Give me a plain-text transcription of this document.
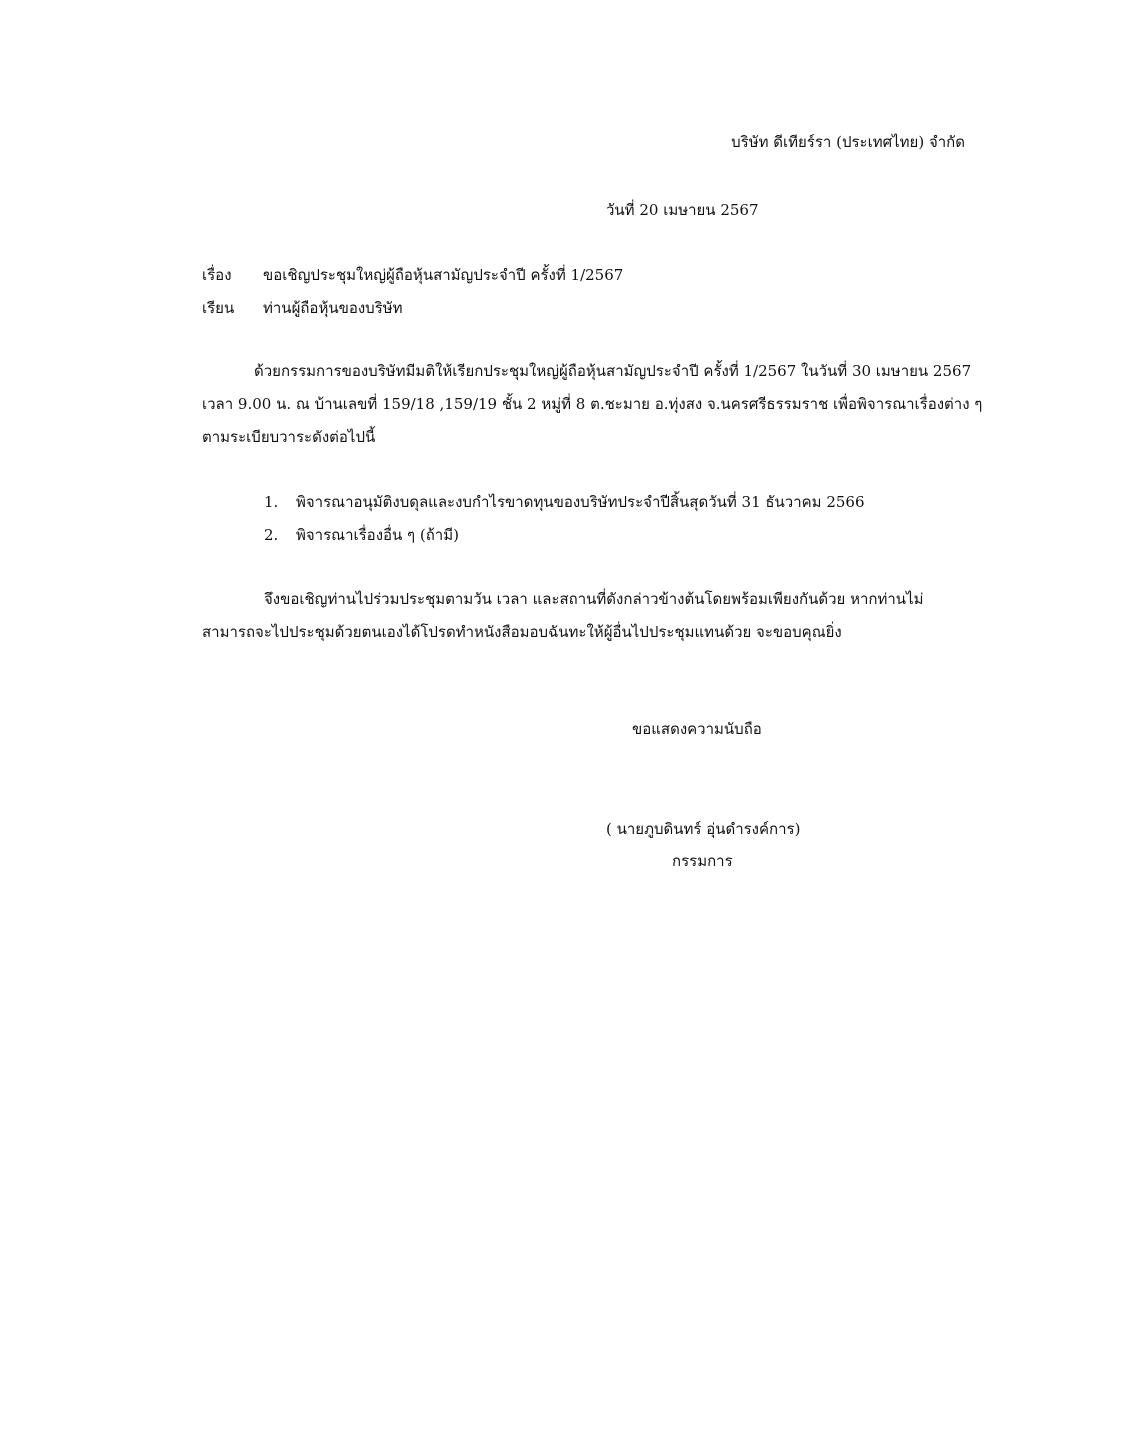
บริษัท ดีเทียร์รา (ประเทศไทย) จำกัด
วันที่ 20 เมษายน 2567
เรื่อง ขอเชิญประชุมใหญ่ผู้ถือหุ้นสามัญประจำปี ครั้งที่ 1/2567
เรียน ท่านผู้ถือหุ้นของบริษัท
ด้วยกรรมการของบริษัทมีมติให้เรียกประชุมใหญ่ผู้ถือหุ้นสามัญประจำปี ครั้งที่ 1/2567 ในวันที่ 30 เมษายน 2567
เวลา 9.00 น. ณ บ้านเลขที่ 159/18 ,159/19 ชั้น 2 หมู่ที่ 8 ต.ชะมาย อ.ทุ่งสง จ.นครศรีธรรมราช เพื่อพิจารณาเรื่องต่าง ๆ
ตามระเบียบวาระดังต่อไปนี้
1. พิจารณาอนุมัติงบดุลและงบกำไรขาดทุนของบริษัทประจำปีสิ้นสุดวันที่ 31 ธันวาคม 2566
2. พิจารณาเรื่องอื่น ๆ (ถ้ามี)
จึงขอเชิญท่านไปร่วมประชุมตามวัน เวลา และสถานที่ดังกล่าวข้างต้นโดยพร้อมเพียงกันด้วย หากท่านไม่
สามารถจะไปประชุมด้วยตนเองได้โปรดทำหนังสือมอบฉันทะให้ผู้อื่นไปประชุมแทนด้วย จะขอบคุณยิ่ง
ขอแสดงความนับถือ
( นายภูบดินทร์ อุ่นดำรงค์การ)
กรรมการ
